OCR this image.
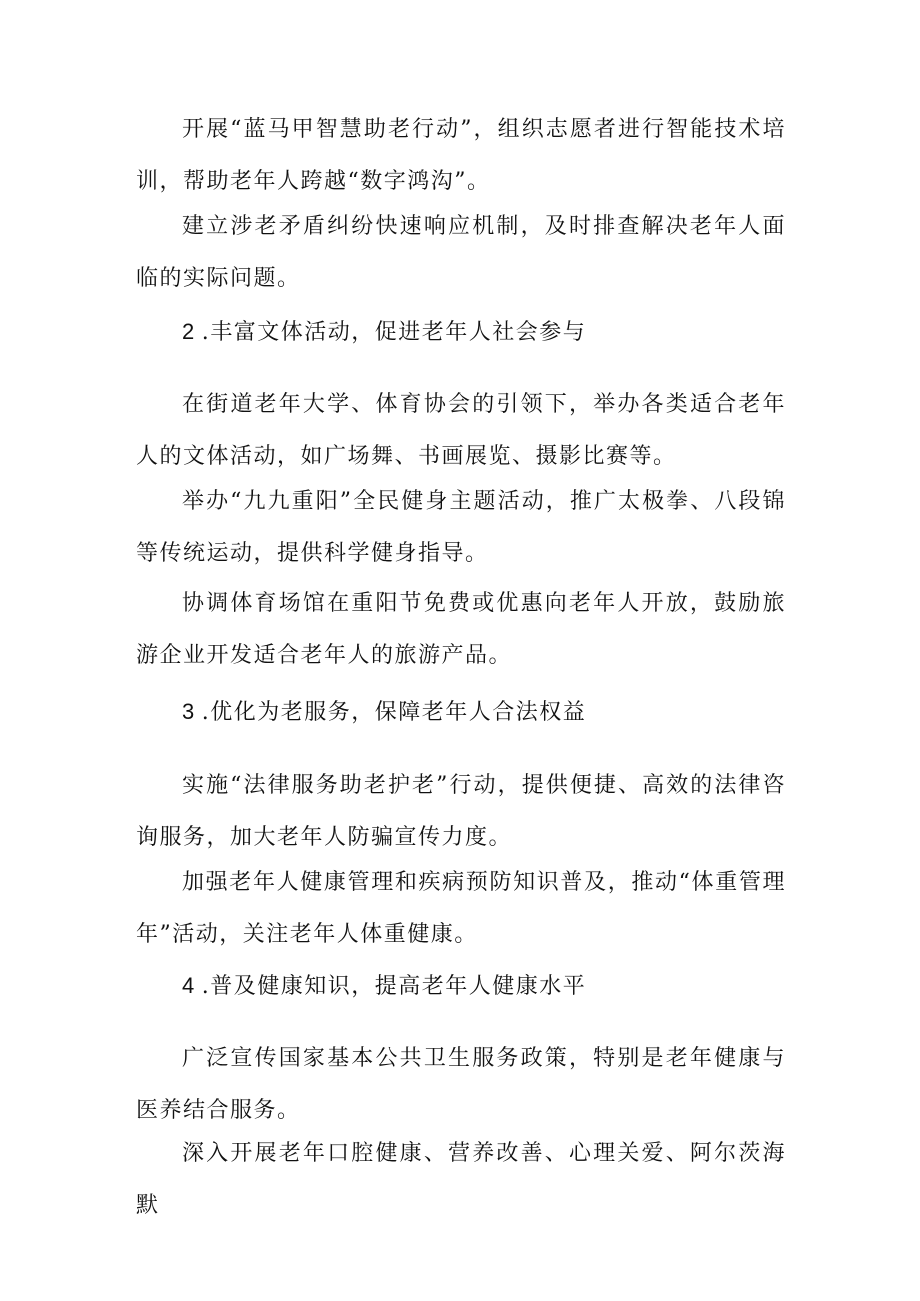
开展“蓝马甲智慧助老行动”，组织志愿者进行智能技术培训，帮助老年人跨越“数字鸿沟”。

建立涉老矛盾纠纷快速响应机制，及时排查解决老年人面临的实际问题。

2 .丰富文体活动，促进老年人社会参与

在街道老年大学、体育协会的引领下，举办各类适合老年人的文体活动，如广场舞、书画展览、摄影比赛等。

举办“九九重阳”全民健身主题活动，推广太极拳、八段锦等传统运动，提供科学健身指导。

协调体育场馆在重阳节免费或优惠向老年人开放，鼓励旅游企业开发适合老年人的旅游产品。

3 .优化为老服务，保障老年人合法权益

实施“法律服务助老护老”行动，提供便捷、高效的法律咨询服务，加大老年人防骗宣传力度。

加强老年人健康管理和疾病预防知识普及，推动“体重管理年”活动，关注老年人体重健康。

4 .普及健康知识，提高老年人健康水平

广泛宣传国家基本公共卫生服务政策，特别是老年健康与医养结合服务。

深入开展老年口腔健康、营养改善、心理关爱、阿尔茨海默
